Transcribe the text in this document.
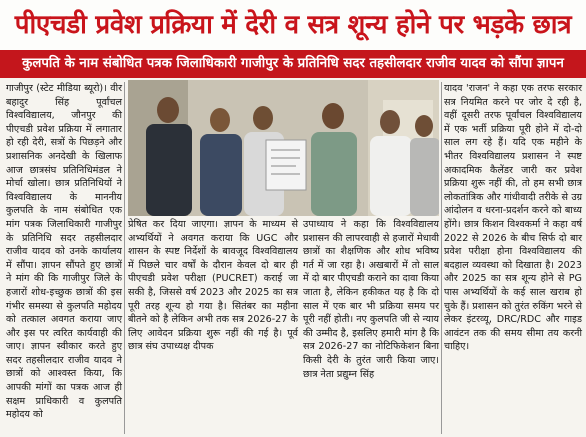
पीएचडी प्रवेश प्रक्रिया में देरी व सत्र शून्य होने पर भड़के छात्र
कुलपति के नाम संबोधित पत्रक जिलाधिकारी गाजीपुर के प्रतिनिधि सदर तहसीलदार राजीव यादव को सौंपा ज्ञापन
गाजीपुर (स्टेट मीडिया ब्यूरो)। वीर बहादुर सिंह पूर्वांचल विश्वविद्यालय, जौनपुर की पीएचडी प्रवेश प्रक्रिया में लगातार हो रही देरी, सत्रों के पिछड़ने और प्रशासनिक अनदेखी के खिलाफ आज छात्रसंघ प्रतिनिधिमंडल ने मोर्चा खोला। छात्र प्रतिनिधियों ने विश्वविद्यालय के माननीय कुलपति के नाम संबोधित एक मांग पत्रक जिलाधिकारी गाजीपुर के प्रतिनिधि सदर तहसीलदार राजीव यादव को उनके कार्यालय में सौंपा। ज्ञापन सौंपते हुए छात्रों ने मांग की कि गाजीपुर जिले के हजारों शोध-इच्छुक छात्रों की इस गंभीर समस्या से कुलपति महोदय को तत्काल अवगत कराया जाए और इस पर त्वरित कार्यवाही की जाए। ज्ञापन स्वीकार करते हुए सदर तहसीलदार राजीव यादव ने छात्रों को आश्वस्त किया, कि आपकी मांगों का पत्रक आज ही सक्षम प्राधिकारी व कुलपति महोदय को
प्रेषित कर दिया जाएगा। ज्ञापन के माध्यम से अभ्यर्थियों ने अवगत कराया कि UGC और शासन के स्पष्ट निर्देशों के बावजूद विश्वविद्यालय में पिछले चार वर्षों के दौरान केवल दो बार ही पीएचडी प्रवेश परीक्षा (PUCRET) कराई जा सकी है, जिससे वर्ष 2023 और 2025 का सत्र पूरी तरह शून्य हो गया है। सितंबर का महीना बीतने को है लेकिन अभी तक सत्र 2026-27 के लिए आवेदन प्रक्रिया शुरू नहीं की गई है। पूर्व छात्र संघ उपाध्यक्ष दीपक
उपाध्याय ने कहा कि विश्वविद्यालय प्रशासन की लापरवाही से हजारों मेधावी छात्रों का शैक्षणिक और शोध भविष्य गर्त में जा रहा है। अखबारों में तो साल में दो बार पीएचडी कराने का दावा किया जाता है, लेकिन हकीकत यह है कि दो साल में एक बार भी प्रक्रिया समय पर पूरी नहीं होती। नए कुलपति जी से न्याय की उम्मीद है, इसलिए हमारी मांग है कि सत्र 2026-27 का नोटिफिकेशन बिना किसी देरी के तुरंत जारी किया जाए। छात्र नेता प्रद्युम्न सिंह
यादव 'राजन' ने कहा एक तरफ सरकार सत्र नियमित करने पर जोर दे रही है, वहीं दूसरी तरफ पूर्वांचल विश्वविद्यालय में एक भर्ती प्रक्रिया पूरी होने में दो-दो साल लग रहे हैं। यदि एक महीने के भीतर विश्वविद्यालय प्रशासन ने स्पष्ट अकादमिक कैलेंडर जारी कर प्रवेश प्रक्रिया शुरू नहीं की, तो हम सभी छात्र लोकतांत्रिक और गांधीवादी तरीके से उग्र आंदोलन व धरना-प्रदर्शन करने को बाध्य होंगे। छात्र किशन विश्वकर्मा ने कहा वर्ष 2022 से 2026 के बीच सिर्फ दो बार प्रवेश परीक्षा होना विश्वविद्यालय की बदहाल व्यवस्था को दिखाता है। 2023 और 2025 का सत्र शून्य होने से PG पास अभ्यर्थियों के कई साल खराब हो चुके हैं। प्रशासन को तुरंत रुकिंग भरने से लेकर इंटरव्यू, DRC/RDC और गाइड आवंटन तक की समय सीमा तय करनी चाहिए।
